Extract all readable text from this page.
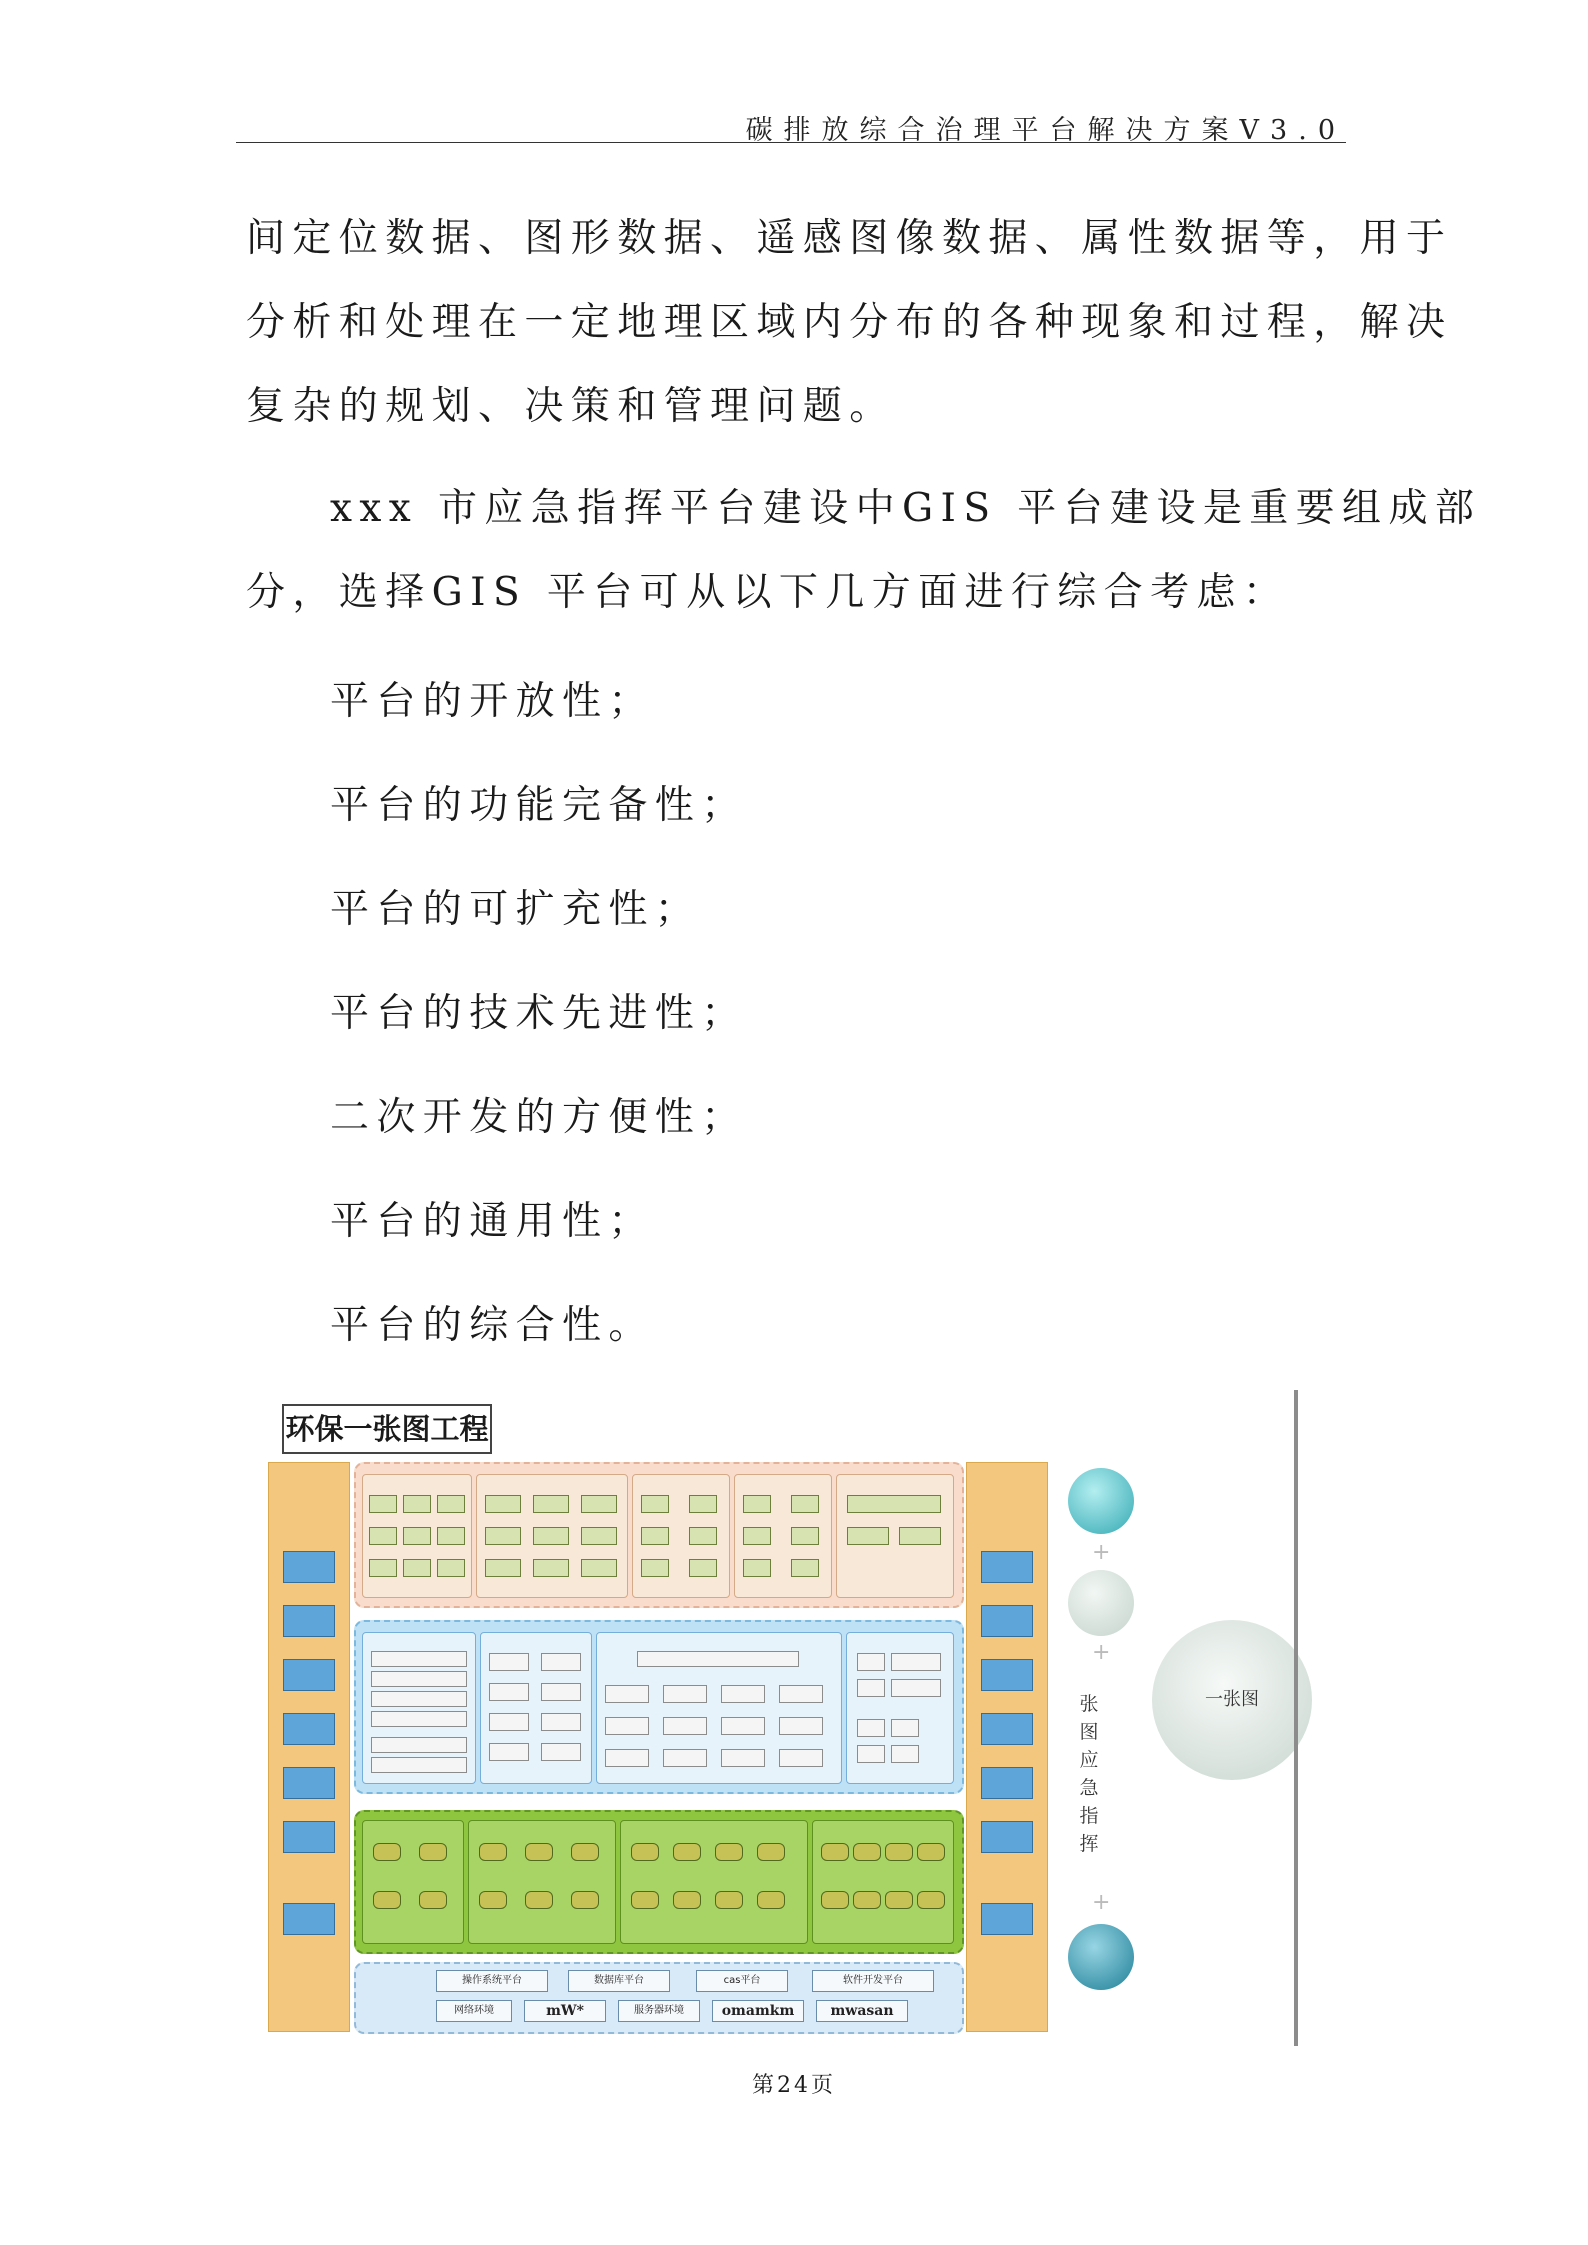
碳排放综合治理平台解决方案V3.0

间定位数据、图形数据、遥感图像数据、属性数据等，用于
分析和处理在一定地理区域内分布的各种现象和过程，解决
复杂的规划、决策和管理问题。

xxx 市应急指挥平台建设中GIS 平台建设是重要组成部
分，选择GIS 平台可从以下几方面进行综合考虑：

平台的开放性；
平台的功能完备性；
平台的可扩充性；
平台的技术先进性；
二次开发的方便性；
平台的通用性；
平台的综合性。
环保一张图工程
操作系统平台	数据库平台	cas平台	软件开发平台
网络环境	mW*	服务器环境	omamkm	mwasan
+
+
张
图
应
急
指
挥
+
一张图
第24页
